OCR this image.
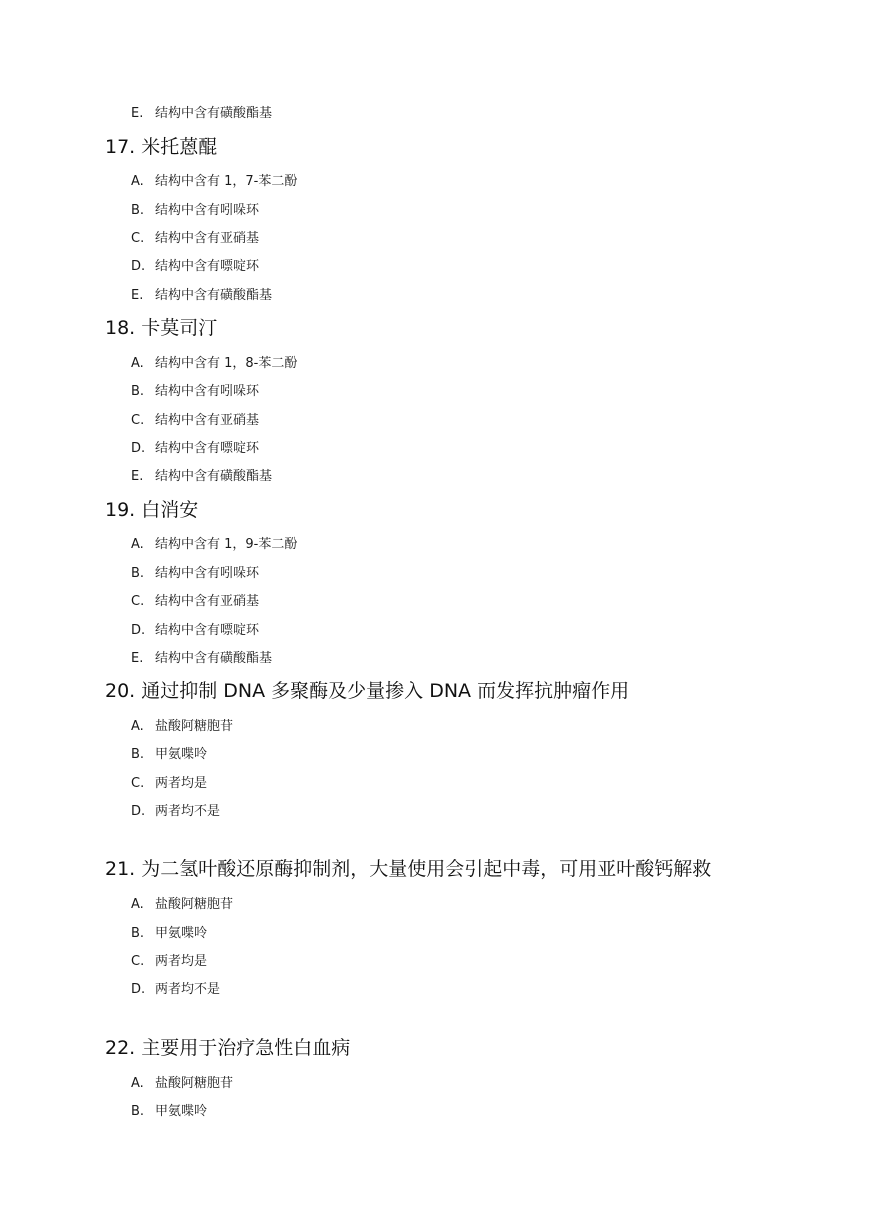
E. 结构中含有磺酸酯基
17. 米托蒽醌
A. 结构中含有 1，7-苯二酚
B. 结构中含有吲哚环
C. 结构中含有亚硝基
D. 结构中含有嘌啶环
E. 结构中含有磺酸酯基
18. 卡莫司汀
A. 结构中含有 1，8-苯二酚
B. 结构中含有吲哚环
C. 结构中含有亚硝基
D. 结构中含有嘌啶环
E. 结构中含有磺酸酯基
19. 白消安
A. 结构中含有 1，9-苯二酚
B. 结构中含有吲哚环
C. 结构中含有亚硝基
D. 结构中含有嘌啶环
E. 结构中含有磺酸酯基
20. 通过抑制 DNA 多聚酶及少量掺入 DNA 而发挥抗肿瘤作用
A. 盐酸阿糖胞苷
B. 甲氨喋呤
C. 两者均是
D. 两者均不是
21. 为二氢叶酸还原酶抑制剂，大量使用会引起中毒，可用亚叶酸钙解救
A. 盐酸阿糖胞苷
B. 甲氨喋呤
C. 两者均是
D. 两者均不是
22. 主要用于治疗急性白血病
A. 盐酸阿糖胞苷
B. 甲氨喋呤
